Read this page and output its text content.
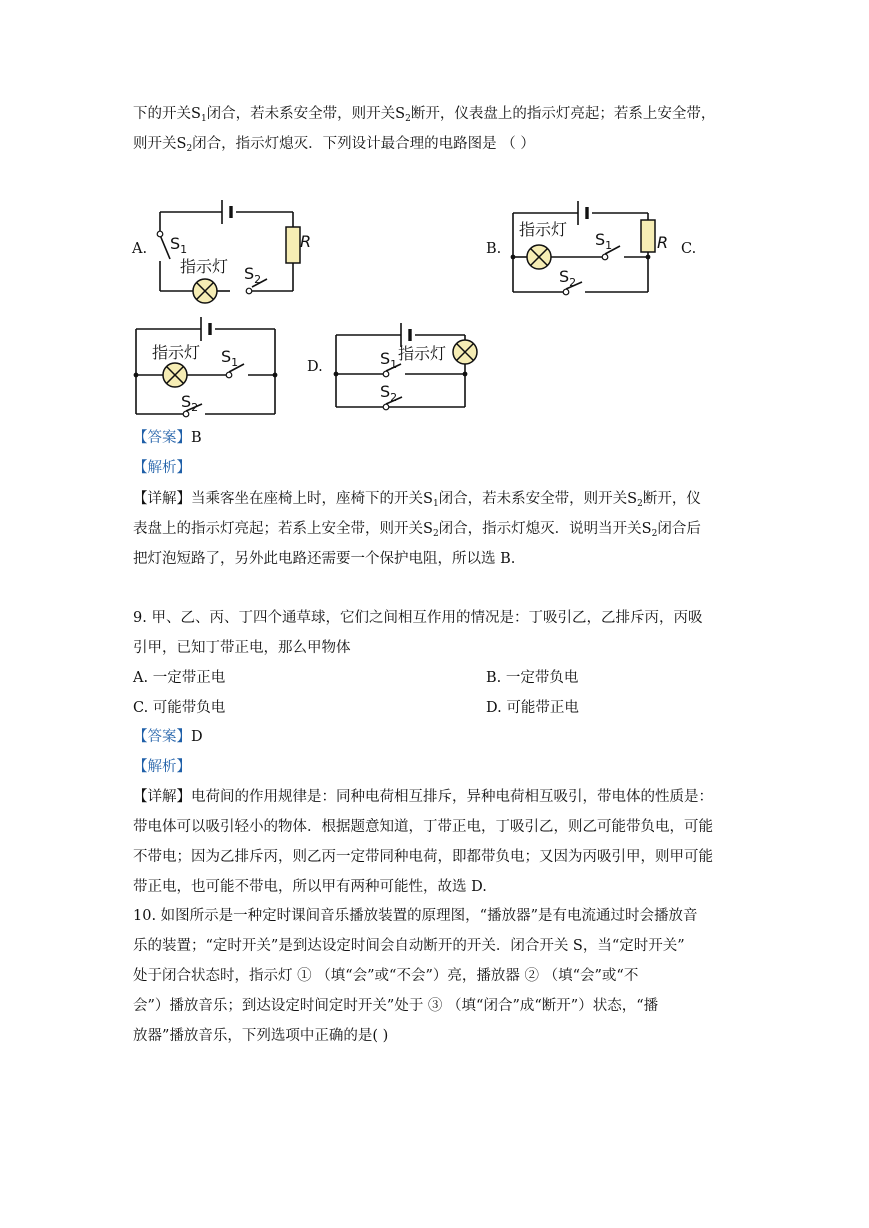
下的开关$S_1$闭合，若未系安全带，则开关$S_2$断开，仪表盘上的指示灯亮起；若系上安全带，
则开关$S_2$闭合，指示灯熄灭．下列设计最合理的电路图是 （ ）
A. $S_1$
$S_2$
指示灯
R	B.
指示灯
$S_1$
$S_2$
R C.
指示灯 $S_1$
$S_2$
D.
指示灯
$S_1$
$S_2$
【答案】B
【解析】
【详解】当乘客坐在座椅上时，座椅下的开关$S_1$闭合，若未系安全带，则开关$S_2$断开，仪
表盘上的指示灯亮起；若系上安全带，则开关$S_2$闭合，指示灯熄灭．说明当开关$S_2$闭合后
把灯泡短路了，另外此电路还需要一个保护电阻，所以选 B.
9. 甲、乙、丙、丁四个通草球，它们之间相互作用的情况是：丁吸引乙，乙排斥丙，丙吸
引甲，已知丁带正电，那么甲物体
A. 一定带正电	B. 一定带负电
C. 可能带负电	D. 可能带正电
【答案】D
【解析】
【详解】电荷间的作用规律是：同种电荷相互排斥，异种电荷相互吸引，带电体的性质是：
带电体可以吸引轻小的物体．根据题意知道，丁带正电，丁吸引乙，则乙可能带负电，可能
不带电；因为乙排斥丙，则乙丙一定带同种电荷，即都带负电；又因为丙吸引甲，则甲可能
带正电，也可能不带电，所以甲有两种可能性，故选 D.
10. 如图所示是一种定时课间音乐播放装置的原理图，“播放器”是有电流通过时会播放音
乐的装置；“定时开关”是到达设定时间会自动断开的开关．闭合开关 S，当“定时开关”
处于闭合状态时，指示灯 ① （填“会”或“不会”）亮，播放器 ② （填“会”或“不
会”）播放音乐；到达设定时间定时开关”处于 ③ （填“闭合”成“断开”）状态，“播
放器”播放音乐，下列选项中正确的是( )
